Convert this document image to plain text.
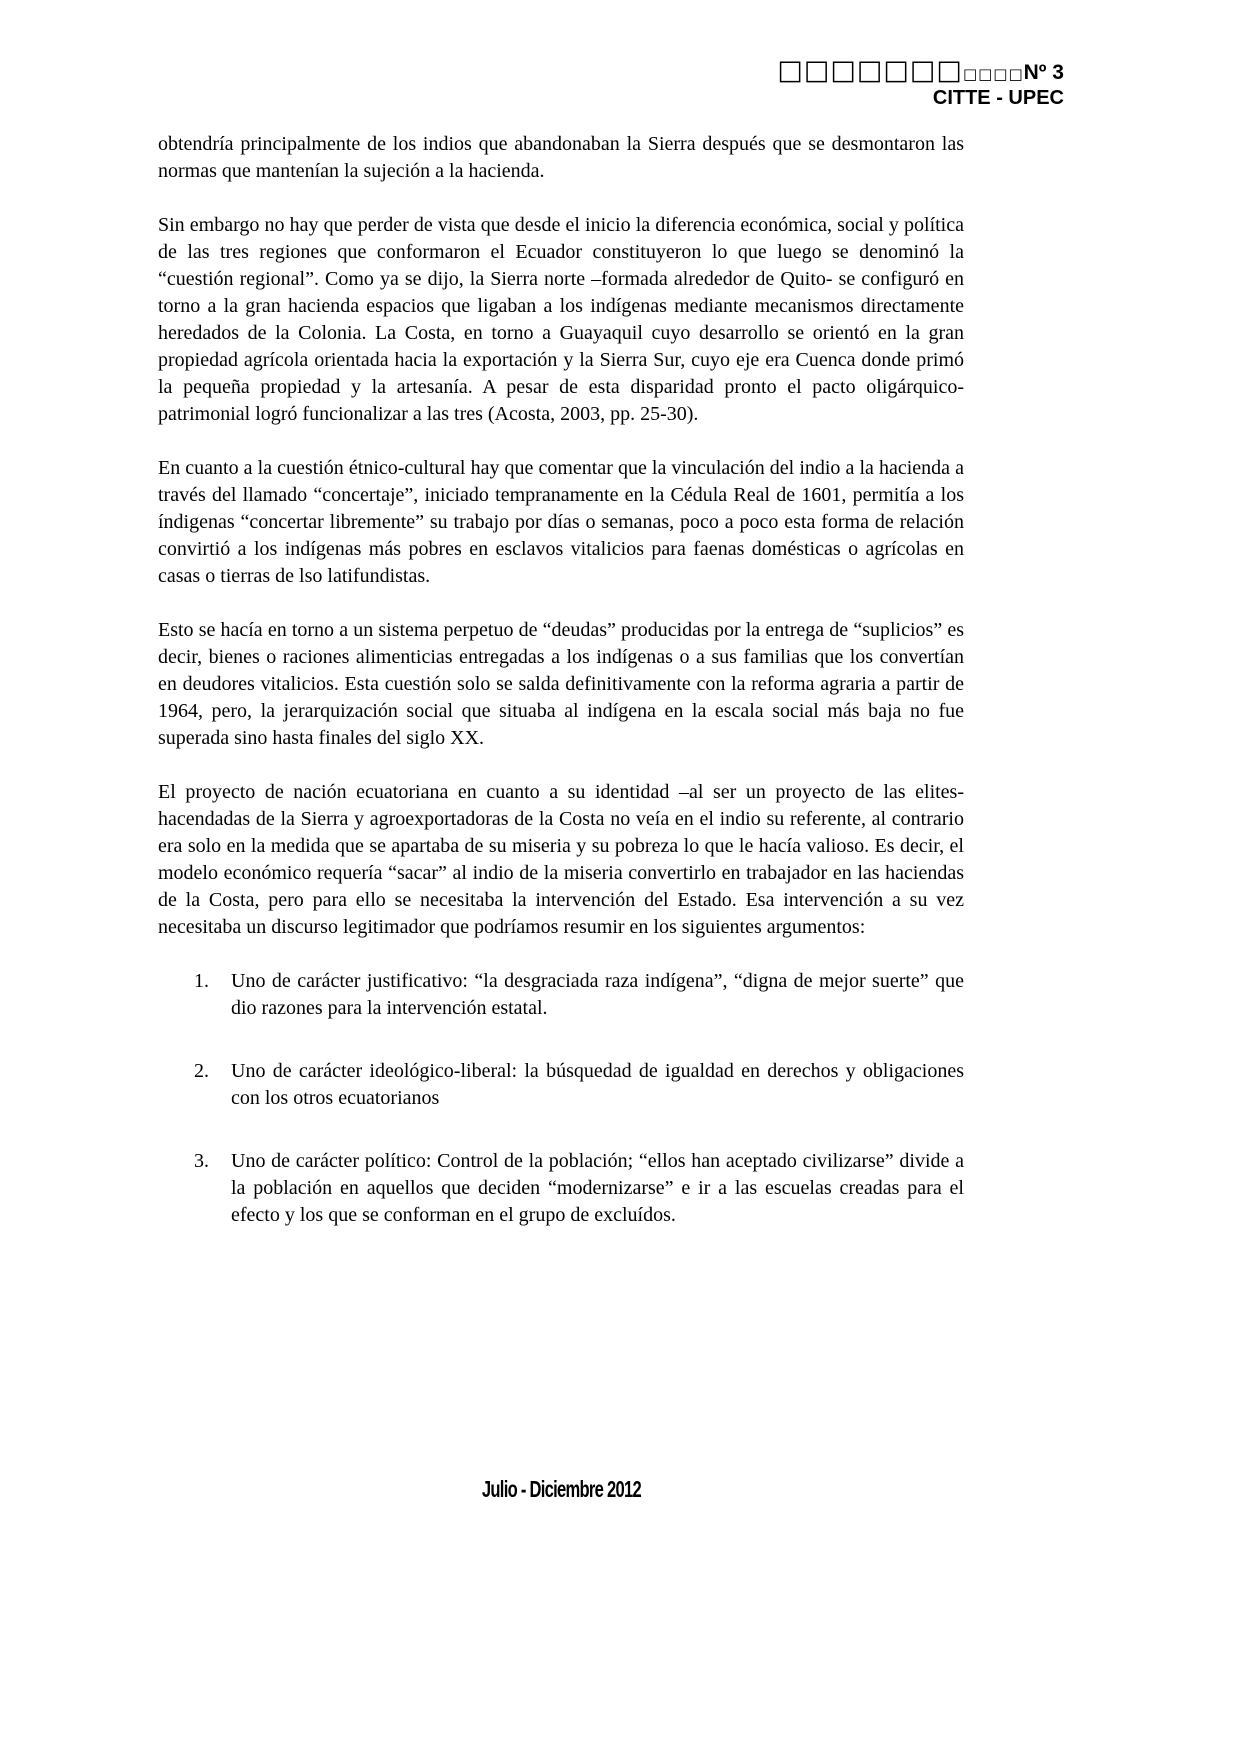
□□□□□□□□□□□Nº 3
CITTE - UPEC

obtendría principalmente de los indios que abandonaban la Sierra después que se desmontaron las normas que mantenían la sujeción a la hacienda.

Sin embargo no hay que perder de vista que desde el inicio la diferencia económica, social y política de las tres regiones que conformaron el Ecuador constituyeron lo que luego se denominó la “cuestión regional”. Como ya se dijo, la Sierra norte –formada alrededor de Quito- se configuró en torno a la gran hacienda espacios que ligaban a los indígenas mediante mecanismos directamente heredados de la Colonia. La Costa, en torno a Guayaquil cuyo desarrollo se orientó en la gran propiedad agrícola orientada hacia la exportación y la Sierra Sur, cuyo eje era Cuenca donde primó la pequeña propiedad y la artesanía. A pesar de esta disparidad pronto el pacto oligárquico-patrimonial logró funcionalizar a las tres (Acosta, 2003, pp. 25-30).

En cuanto a la cuestión étnico-cultural hay que comentar que la vinculación del indio a la hacienda a través del llamado “concertaje”, iniciado tempranamente en la Cédula Real de 1601, permitía a los índigenas “concertar libremente” su trabajo por días o semanas, poco a poco esta forma de relación convirtió a los indígenas más pobres en esclavos vitalicios para faenas domésticas o agrícolas en casas o tierras de lso latifundistas.

Esto se hacía en torno a un sistema perpetuo de “deudas” producidas por la entrega de “suplicios” es decir, bienes o raciones alimenticias entregadas a los indígenas o a sus familias que los convertían en deudores vitalicios. Esta cuestión solo se salda definitivamente con la reforma agraria a partir de 1964, pero, la jerarquización social que situaba al indígena en la escala social más baja no fue superada sino hasta finales del siglo XX.

El proyecto de nación ecuatoriana en cuanto a su identidad –al ser un proyecto de las elites- hacendadas de la Sierra y agroexportadoras de la Costa no veía en el indio su referente, al contrario era solo en la medida que se apartaba de su miseria y su pobreza lo que le hacía valioso. Es decir, el modelo económico requería “sacar” al indio de la miseria convertirlo en trabajador en las haciendas de la Costa, pero para ello se necesitaba la intervención del Estado. Esa intervención a su vez necesitaba un discurso legitimador que podríamos resumir en los siguientes argumentos:

1.	Uno de carácter justificativo: “la desgraciada raza indígena”, “digna de mejor suerte” que dio razones para la intervención estatal.
2.	Uno de carácter ideológico-liberal: la búsquedad de igualdad en derechos y obligaciones con los otros ecuatorianos
3.	Uno de carácter político: Control de la población; “ellos han aceptado civilizarse” divide a la población en aquellos que deciden “modernizarse” e ir a las escuelas creadas para el efecto y los que se conforman en el grupo de excluídos.
Julio - Diciembre 2012
